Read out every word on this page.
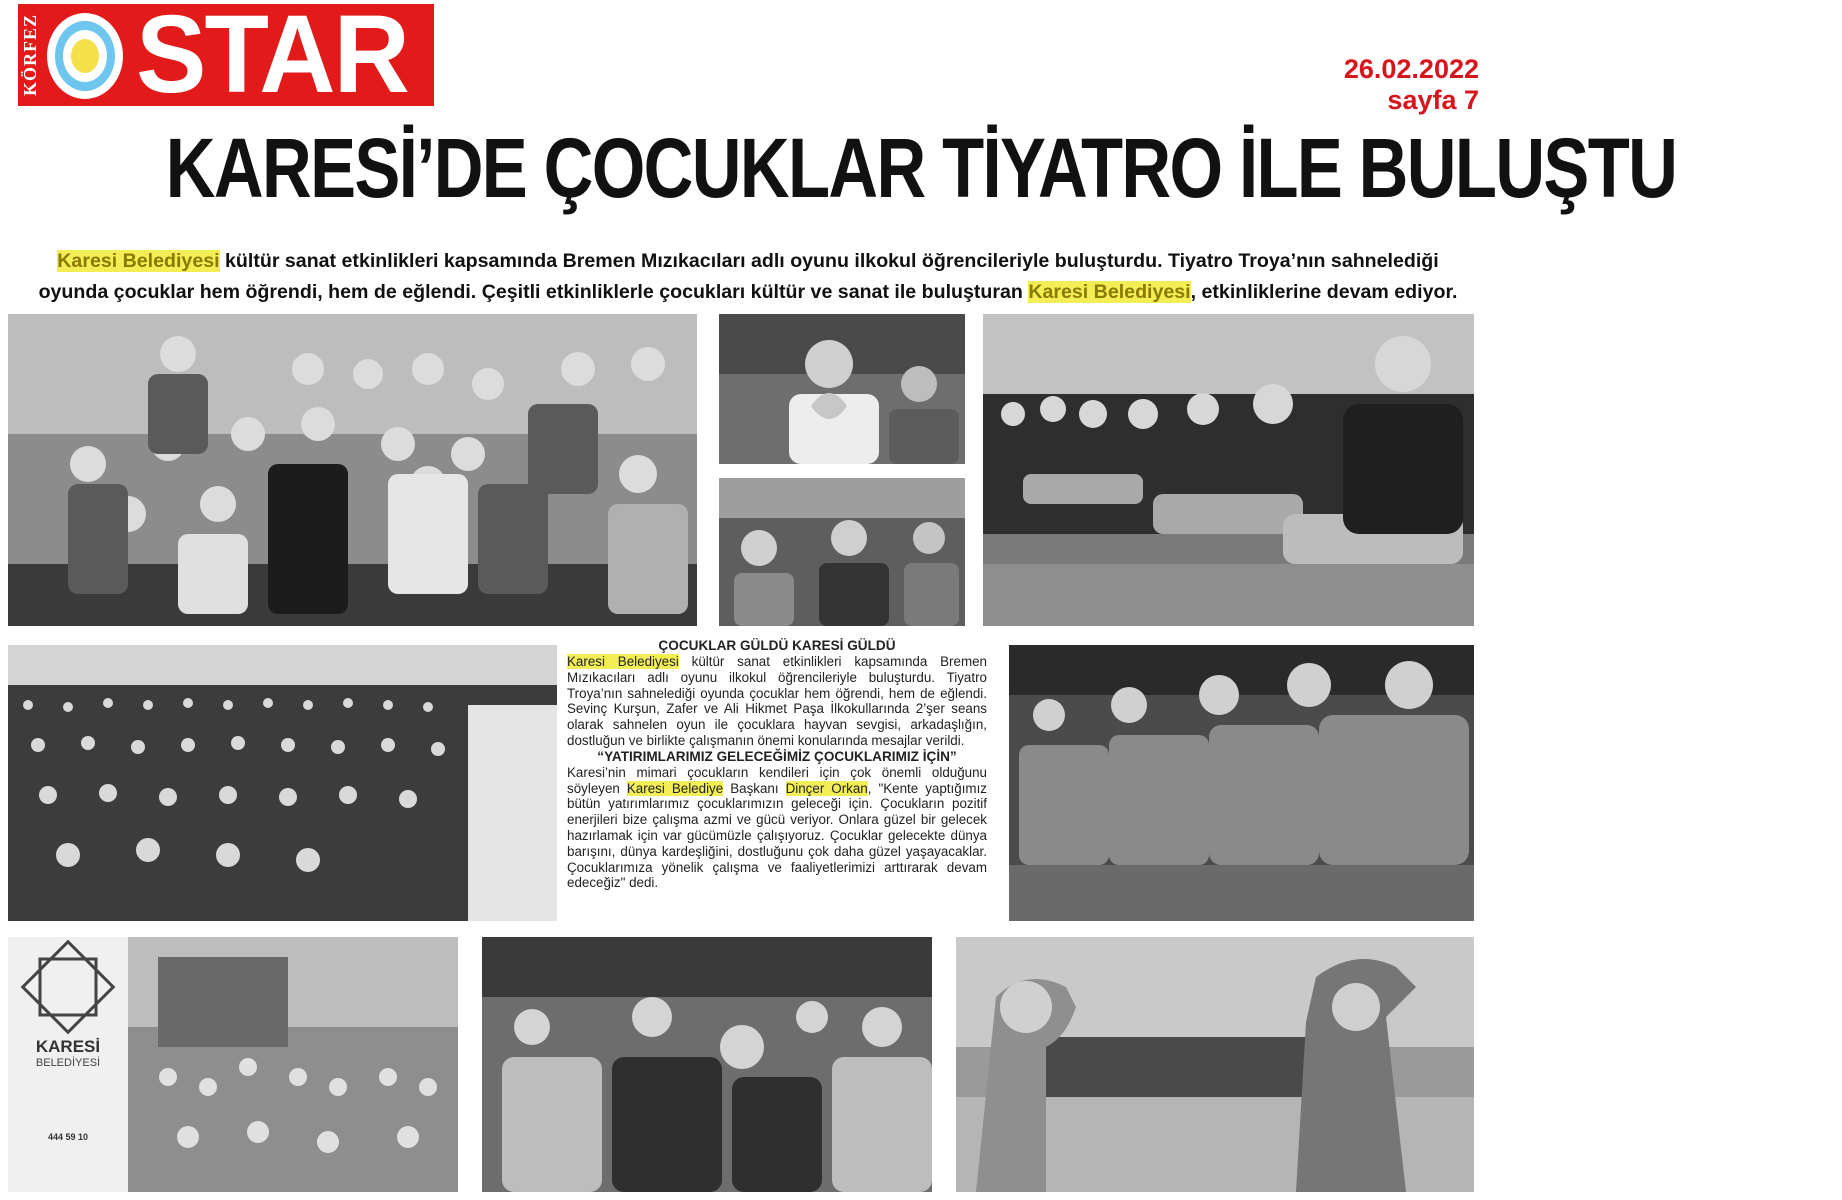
KÖRFEZ STAR	26.02.2022
sayfa 7
KARESİ’DE ÇOCUKLAR TİYATRO İLE BULUŞTU

Karesi Belediyesi kültür sanat etkinlikleri kapsamında Bremen Mızıkacıları adlı oyunu ilkokul öğrencileriyle buluşturdu. Tiyatro Troya’nın sahnelediği

oyunda çocuklar hem öğrendi, hem de eğlendi. Çeşitli etkinliklerle çocukları kültür ve sanat ile buluşturan Karesi Belediyesi, etkinliklerine devam ediyor.

ÇOCUKLAR GÜLDÜ KARESİ GÜLDÜ

Karesi Belediyesi kültür sanat etkinlikleri kapsamında Bremen Mızıkacıları adlı oyunu ilkokul öğrencileriyle buluşturdu. Tiyatro Troya’nın sahnelediği oyunda çocuklar hem öğrendi, hem de eğlendi. Sevinç Kurşun, Zafer ve Ali Hikmet Paşa İlkokullarında 2’şer seans olarak sahnelen oyun ile çocuklara hayvan sevgisi, arkadaşlığın, dostluğun ve birlikte çalışmanın önemi konularında mesajlar verildi.

“YATIRIMLARIMIZ GELECEĞİMİZ ÇOCUKLARIMIZ İÇİN”

Karesi’nin mimari çocukların kendileri için çok önemli olduğunu söyleyen Karesi Belediye Başkanı Dinçer Orkan, "Kente yaptığımız bütün yatırımlarımız çocuklarımızın geleceği için. Çocukların pozitif enerjileri bize çalışma azmi ve gücü veriyor. Onlara güzel bir gelecek hazırlamak için var gücümüzle çalışıyoruz. Çocuklar gelecekte dünya barışını, dünya kardeşliğini, dostluğunu çok daha güzel yaşayacaklar. Çocuklarımıza yönelik çalışma ve faaliyetlerimizi arttırarak devam edeceğiz" dedi.

KARESİ
BELEDİYESİ
444 59 10
